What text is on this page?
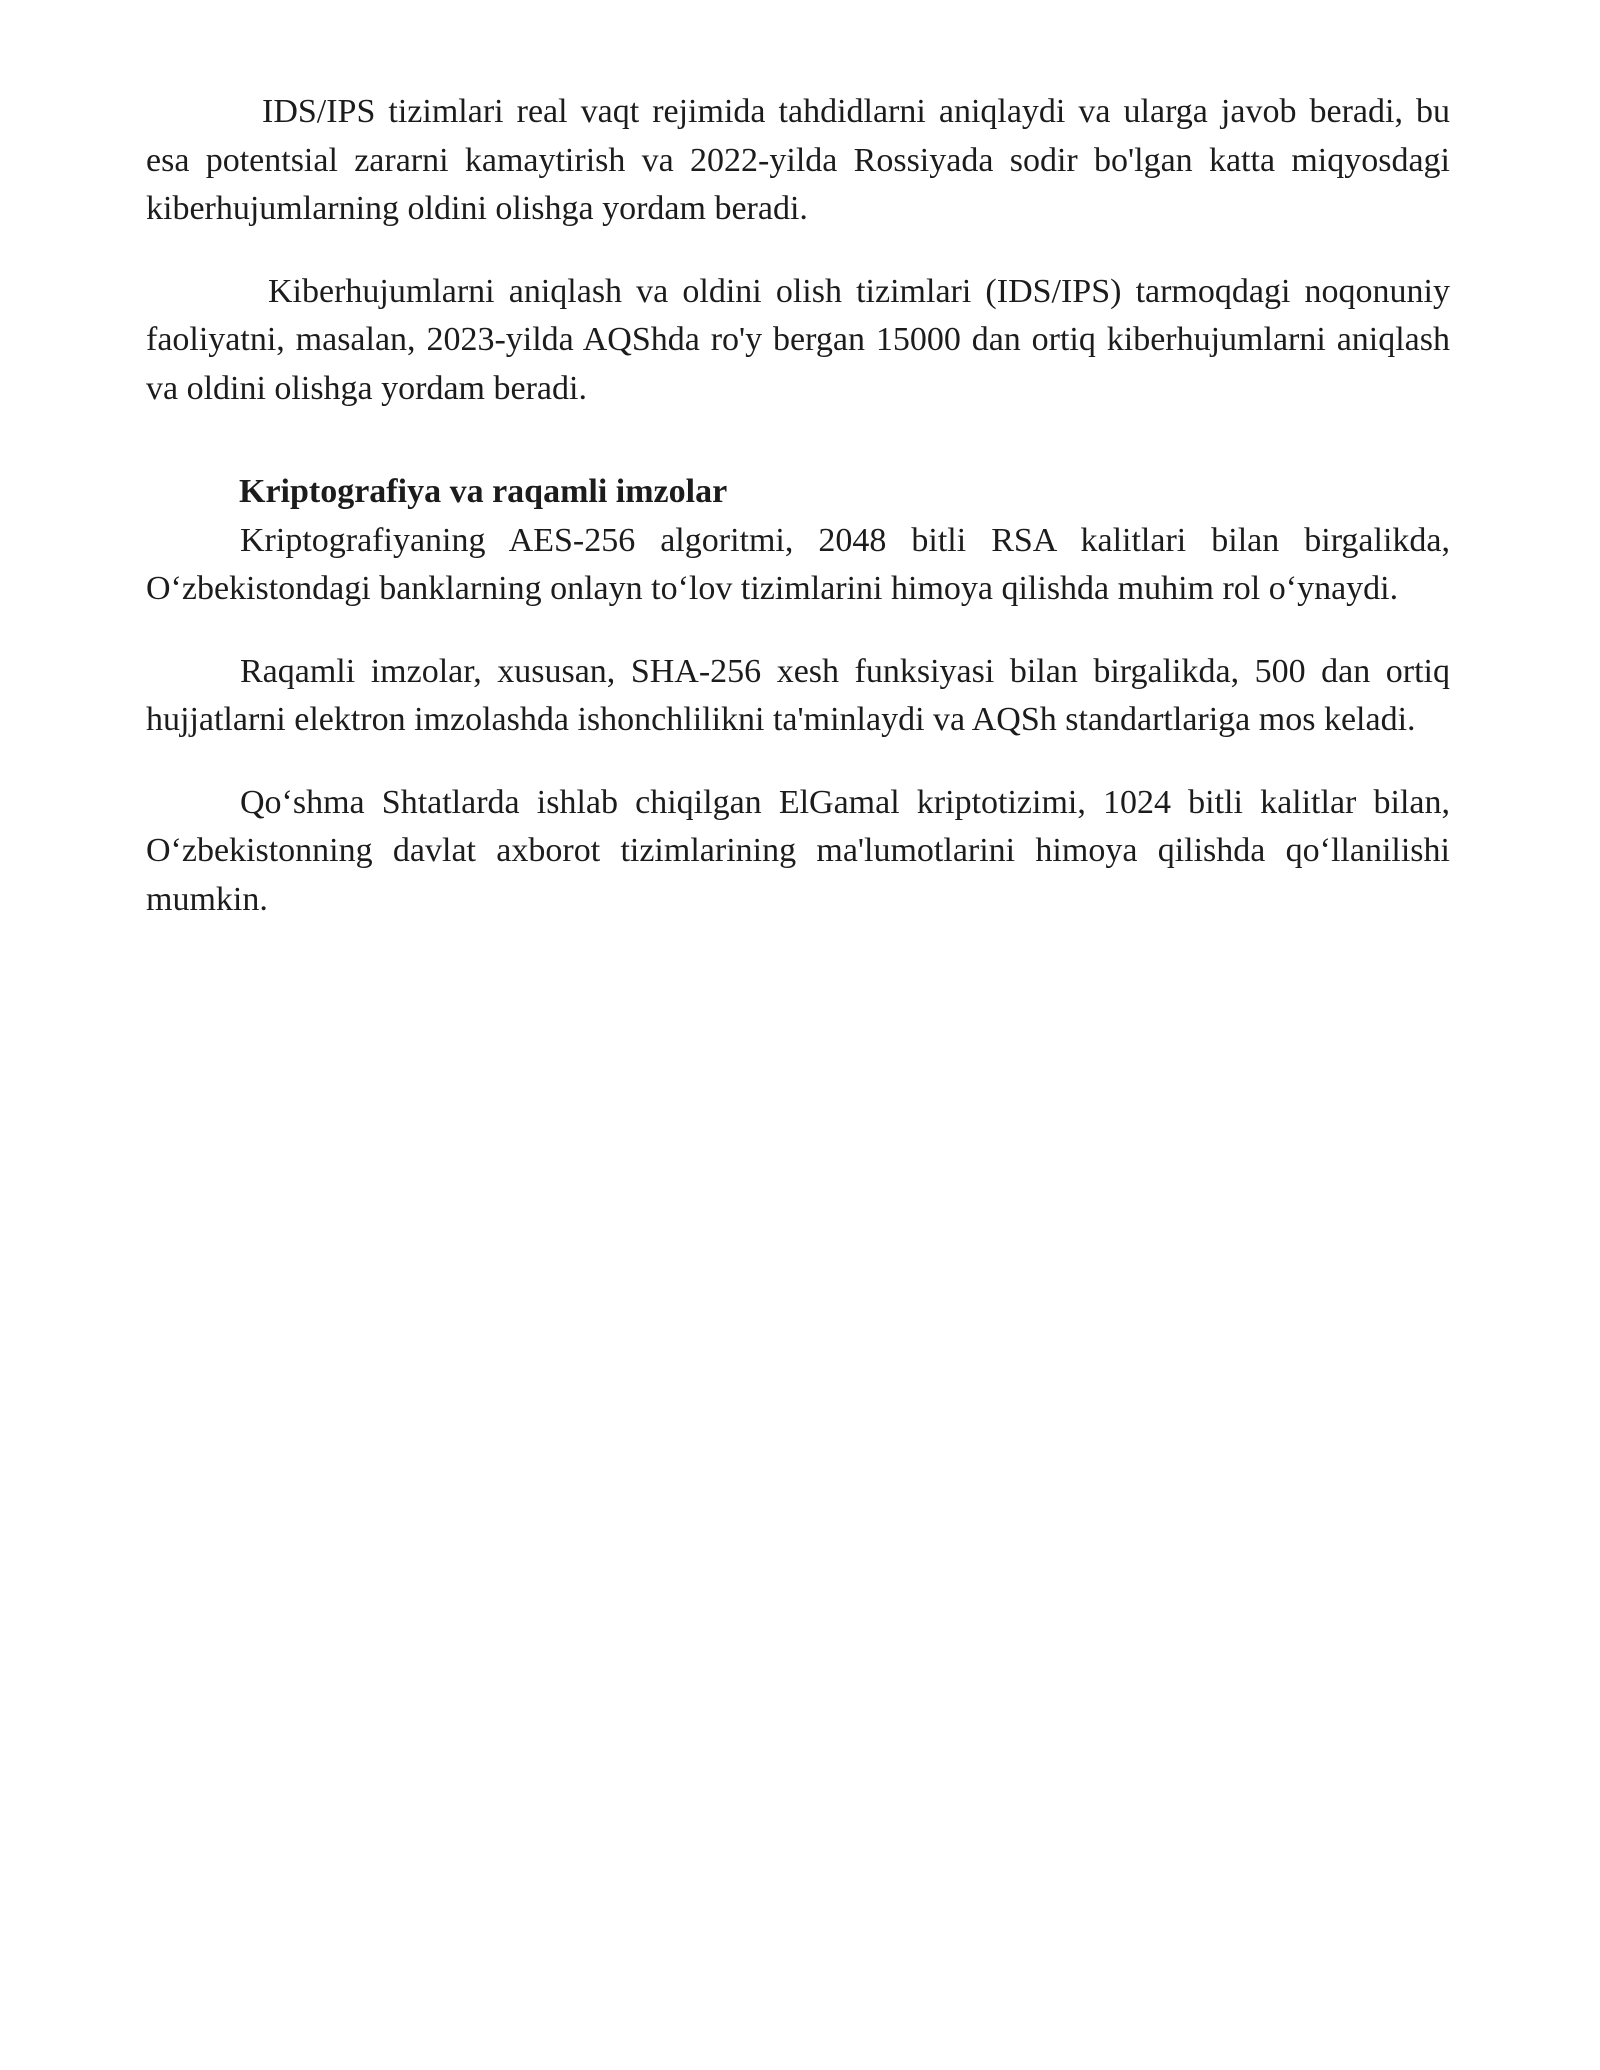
IDS/IPS tizimlari real vaqt rejimida tahdidlarni aniqlaydi va ularga javob beradi, bu esa potentsial zararni kamaytirish va 2022-yilda Rossiyada sodir bo'lgan katta miqyosdagi kiberhujumlarning oldini olishga yordam beradi.

Kiberhujumlarni aniqlash va oldini olish tizimlari (IDS/IPS) tarmoqdagi noqonuniy faoliyatni, masalan, 2023-yilda AQShda ro'y bergan 15000 dan ortiq kiberhujumlarni aniqlash va oldini olishga yordam beradi.

Kriptografiya va raqamli imzolar

Kriptografiyaning AES-256 algoritmi, 2048 bitli RSA kalitlari bilan birgalikda, O‘zbekistondagi banklarning onlayn to‘lov tizimlarini himoya qilishda muhim rol o‘ynaydi.

Raqamli imzolar, xususan, SHA-256 xesh funksiyasi bilan birgalikda, 500 dan ortiq hujjatlarni elektron imzolashda ishonchlilikni ta'minlaydi va AQSh standartlariga mos keladi.

Qo‘shma Shtatlarda ishlab chiqilgan ElGamal kriptotizimi, 1024 bitli kalitlar bilan, O‘zbekistonning davlat axborot tizimlarining ma'lumotlarini himoya qilishda qo‘llanilishi mumkin.
